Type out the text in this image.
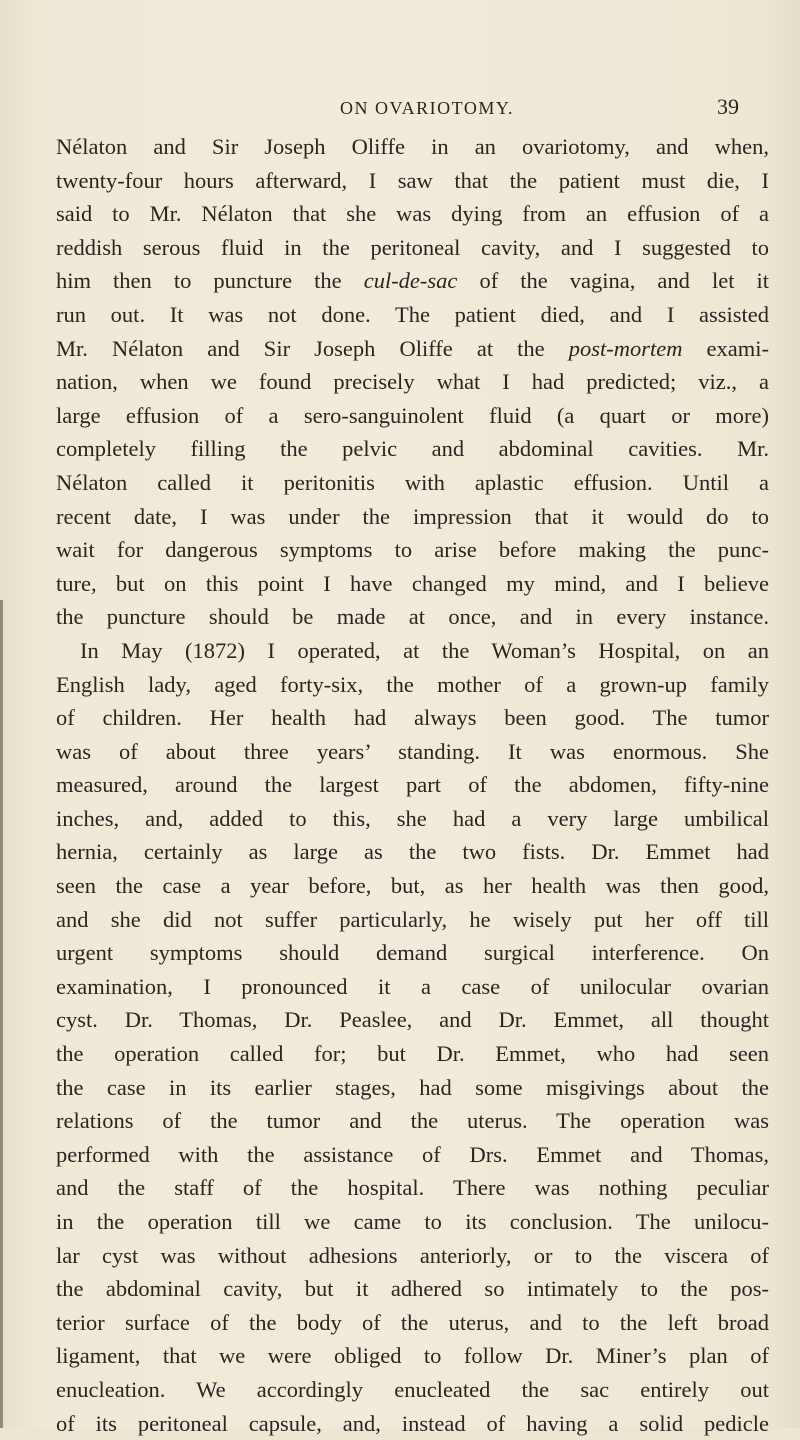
ON OVARIOTOMY.	39
Nélaton and Sir Joseph Oliffe in an ovariotomy, and when,
twenty-four hours afterward, I saw that the patient must die, I
said to Mr. Nélaton that she was dying from an effusion of a
reddish serous fluid in the peritoneal cavity, and I suggested to
him then to puncture the cul-de-sac of the vagina, and let it
run out. It was not done. The patient died, and I assisted
Mr. Nélaton and Sir Joseph Oliffe at the post-mortem exami-
nation, when we found precisely what I had predicted; viz., a
large effusion of a sero-sanguinolent fluid (a quart or more)
completely filling the pelvic and abdominal cavities. Mr.
Nélaton called it peritonitis with aplastic effusion. Until a
recent date, I was under the impression that it would do to
wait for dangerous symptoms to arise before making the punc-
ture, but on this point I have changed my mind, and I believe
the puncture should be made at once, and in every instance.
In May (1872) I operated, at the Woman’s Hospital, on an
English lady, aged forty-six, the mother of a grown-up family
of children. Her health had always been good. The tumor
was of about three years’ standing. It was enormous. She
measured, around the largest part of the abdomen, fifty-nine
inches, and, added to this, she had a very large umbilical
hernia, certainly as large as the two fists. Dr. Emmet had
seen the case a year before, but, as her health was then good,
and she did not suffer particularly, he wisely put her off till
urgent symptoms should demand surgical interference. On
examination, I pronounced it a case of unilocular ovarian
cyst. Dr. Thomas, Dr. Peaslee, and Dr. Emmet, all thought
the operation called for; but Dr. Emmet, who had seen
the case in its earlier stages, had some misgivings about the
relations of the tumor and the uterus. The operation was
performed with the assistance of Drs. Emmet and Thomas,
and the staff of the hospital. There was nothing peculiar
in the operation till we came to its conclusion. The unilocu-
lar cyst was without adhesions anteriorly, or to the viscera of
the abdominal cavity, but it adhered so intimately to the pos-
terior surface of the body of the uterus, and to the left broad
ligament, that we were obliged to follow Dr. Miner’s plan of
enucleation. We accordingly enucleated the sac entirely out
of its peritoneal capsule, and, instead of having a solid pedicle
